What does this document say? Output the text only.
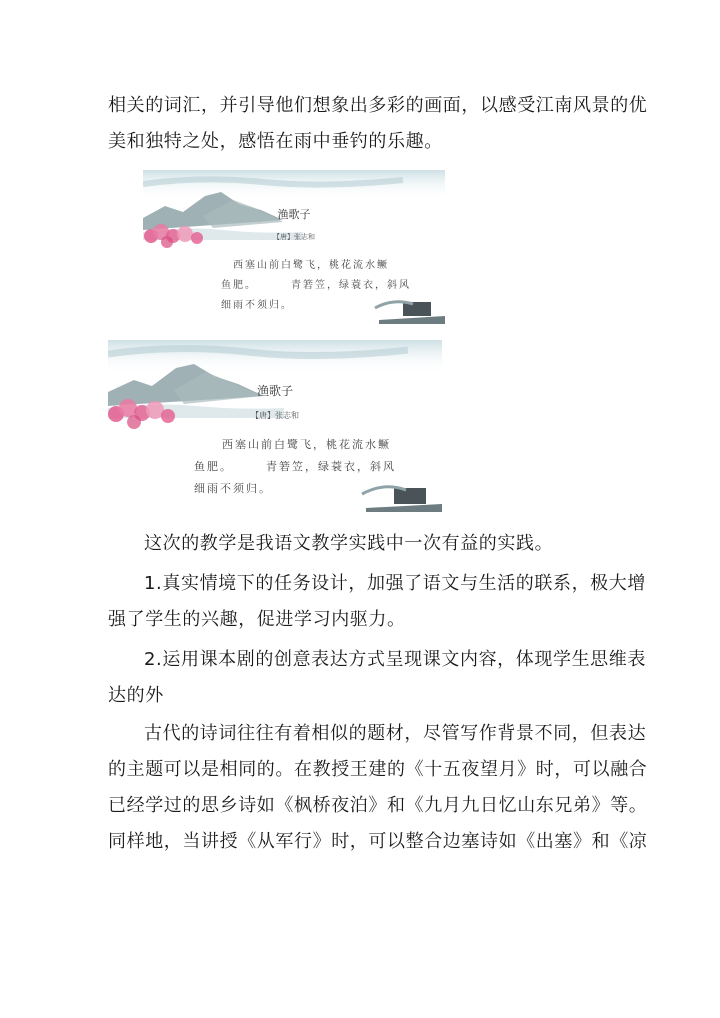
相关的词汇，并引导他们想象出多彩的画面，以感受江南风景的优
美和独特之处，感悟在雨中垂钓的乐趣。
渔歌子
【唐】张志和
西塞山前白鹭飞，桃花流水鳜
鱼肥。	青箬笠，绿蓑衣，斜风
细雨不须归。
渔歌子
【唐】张志和
西塞山前白鹭飞，桃花流水鳜
鱼肥。	青箬笠，绿蓑衣，斜风
细雨不须归。
这次的教学是我语文教学实践中一次有益的实践。
1.真实情境下的任务设计，加强了语文与生活的联系，极大增
强了学生的兴趣，促进学习内驱力。
2.运用课本剧的创意表达方式呈现课文内容，体现学生思维表
达的外
古代的诗词往往有着相似的题材，尽管写作背景不同，但表达
的主题可以是相同的。在教授王建的《十五夜望月》时，可以融合
已经学过的思乡诗如《枫桥夜泊》和《九月九日忆山东兄弟》等。
同样地，当讲授《从军行》时，可以整合边塞诗如《出塞》和《凉
